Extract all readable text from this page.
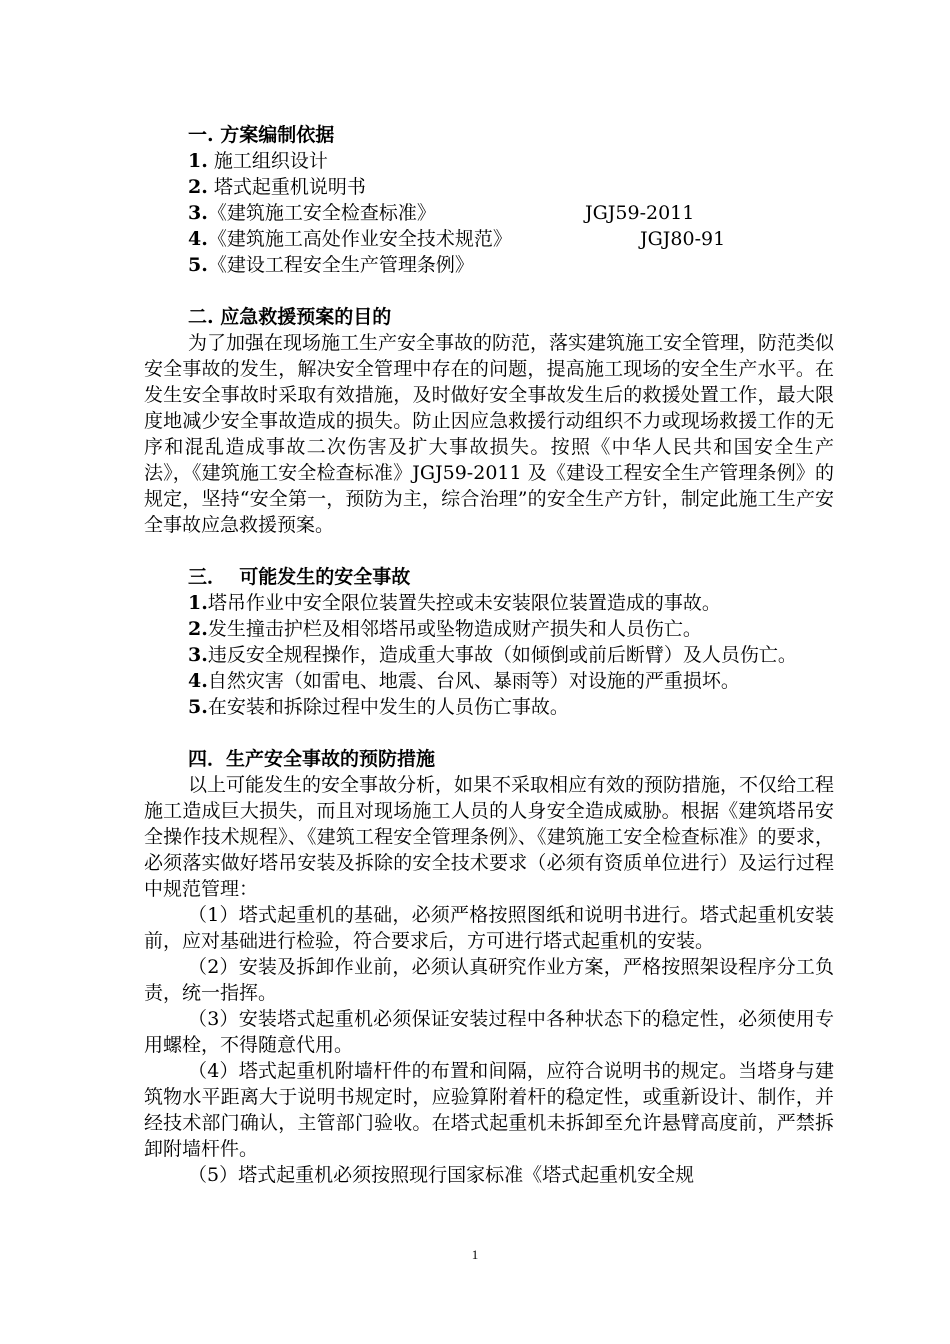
一. 方案编制依据
1. 施工组织设计
2. 塔式起重机说明书
3.《建筑施工安全检查标准》	JGJ59-2011
4.《建筑施工高处作业安全技术规范》	JGJ80-91
5.《建设工程安全生产管理条例》
二. 应急救援预案的目的

为了加强在现场施工生产安全事故的防范，落实建筑施工安全管理，防范类似安全事故的发生，解决安全管理中存在的问题，提高施工现场的安全生产水平。在发生安全事故时采取有效措施，及时做好安全事故发生后的救援处置工作，最大限度地减少安全事故造成的损失。防止因应急救援行动组织不力或现场救援工作的无序和混乱造成事故二次伤害及扩大事故损失。按照《中华人民共和国安全生产法》，《建筑施工安全检查标准》JGJ59-2011 及《建设工程安全生产管理条例》的规定，坚持“安全第一，预防为主，综合治理”的安全生产方针，制定此施工生产安全事故应急救援预案。

三．  可能发生的安全事故
1.塔吊作业中安全限位装置失控或未安装限位装置造成的事故。
2.发生撞击护栏及相邻塔吊或坠物造成财产损失和人员伤亡。

3.违反安全规程操作，造成重大事故（如倾倒或前后断臂）及人员伤亡。

4.自然灾害（如雷电、地震、台风、暴雨等）对设施的严重损坏。
5.在安装和拆除过程中发生的人员伤亡事故。
四．生产安全事故的预防措施

以上可能发生的安全事故分析，如果不采取相应有效的预防措施，不仅给工程施工造成巨大损失，而且对现场施工人员的人身安全造成威胁。根据《建筑塔吊安全操作技术规程》、《建筑工程安全管理条例》、《建筑施工安全检查标准》的要求，必须落实做好塔吊安装及拆除的安全技术要求（必须有资质单位进行）及运行过程中规范管理：

（1）塔式起重机的基础，必须严格按照图纸和说明书进行。塔式起重机安装前，应对基础进行检验，符合要求后，方可进行塔式起重机的安装。

（2）安装及拆卸作业前，必须认真研究作业方案，严格按照架设程序分工负责，统一指挥。

（3）安装塔式起重机必须保证安装过程中各种状态下的稳定性，必须使用专用螺栓，不得随意代用。

（4）塔式起重机附墙杆件的布置和间隔，应符合说明书的规定。当塔身与建筑物水平距离大于说明书规定时，应验算附着杆的稳定性，或重新设计、制作，并经技术部门确认，主管部门验收。在塔式起重机未拆卸至允许悬臂高度前，严禁拆卸附墙杆件。

（5）塔式起重机必须按照现行国家标准《塔式起重机安全规

1
